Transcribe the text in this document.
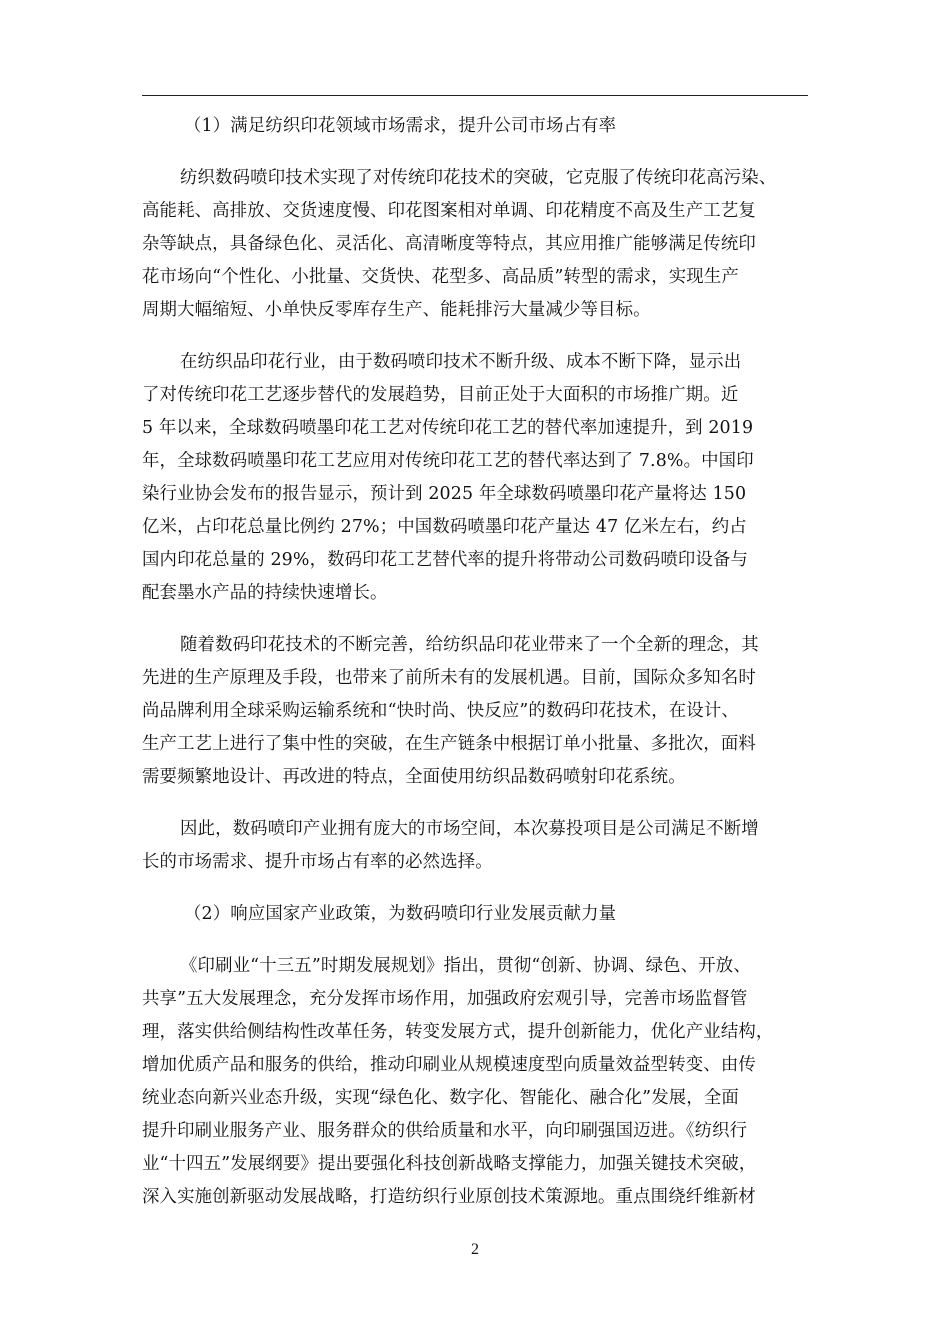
（1）满足纺织印花领域市场需求，提升公司市场占有率
纺织数码喷印技术实现了对传统印花技术的突破，它克服了传统印花高污染、
高能耗、高排放、交货速度慢、印花图案相对单调、印花精度不高及生产工艺复
杂等缺点，具备绿色化、灵活化、高清晰度等特点，其应用推广能够满足传统印
花市场向“个性化、小批量、交货快、花型多、高品质”转型的需求，实现生产
周期大幅缩短、小单快反零库存生产、能耗排污大量减少等目标。
在纺织品印花行业，由于数码喷印技术不断升级、成本不断下降，显示出
了对传统印花工艺逐步替代的发展趋势，目前正处于大面积的市场推广期。近
5 年以来，全球数码喷墨印花工艺对传统印花工艺的替代率加速提升，到 2019
年，全球数码喷墨印花工艺应用对传统印花工艺的替代率达到了 7.8%。中国印
染行业协会发布的报告显示，预计到 2025 年全球数码喷墨印花产量将达 150
亿米，占印花总量比例约 27%；中国数码喷墨印花产量达 47 亿米左右，约占
国内印花总量的 29%，数码印花工艺替代率的提升将带动公司数码喷印设备与
配套墨水产品的持续快速增长。
随着数码印花技术的不断完善，给纺织品印花业带来了一个全新的理念，其
先进的生产原理及手段，也带来了前所未有的发展机遇。目前，国际众多知名时
尚品牌利用全球采购运输系统和“快时尚、快反应”的数码印花技术，在设计、
生产工艺上进行了集中性的突破，在生产链条中根据订单小批量、多批次，面料
需要频繁地设计、再改进的特点，全面使用纺织品数码喷射印花系统。
因此，数码喷印产业拥有庞大的市场空间，本次募投项目是公司满足不断增
长的市场需求、提升市场占有率的必然选择。
（2）响应国家产业政策，为数码喷印行业发展贡献力量
《印刷业“十三五”时期发展规划》指出，贯彻“创新、协调、绿色、开放、
共享”五大发展理念，充分发挥市场作用，加强政府宏观引导，完善市场监督管
理，落实供给侧结构性改革任务，转变发展方式，提升创新能力，优化产业结构，
增加优质产品和服务的供给，推动印刷业从规模速度型向质量效益型转变、由传
统业态向新兴业态升级，实现“绿色化、数字化、智能化、融合化”发展，全面
提升印刷业服务产业、服务群众的供给质量和水平，向印刷强国迈进。《纺织行
业“十四五”发展纲要》提出要强化科技创新战略支撑能力，加强关键技术突破，
深入实施创新驱动发展战略，打造纺织行业原创技术策源地。重点围绕纤维新材
2
